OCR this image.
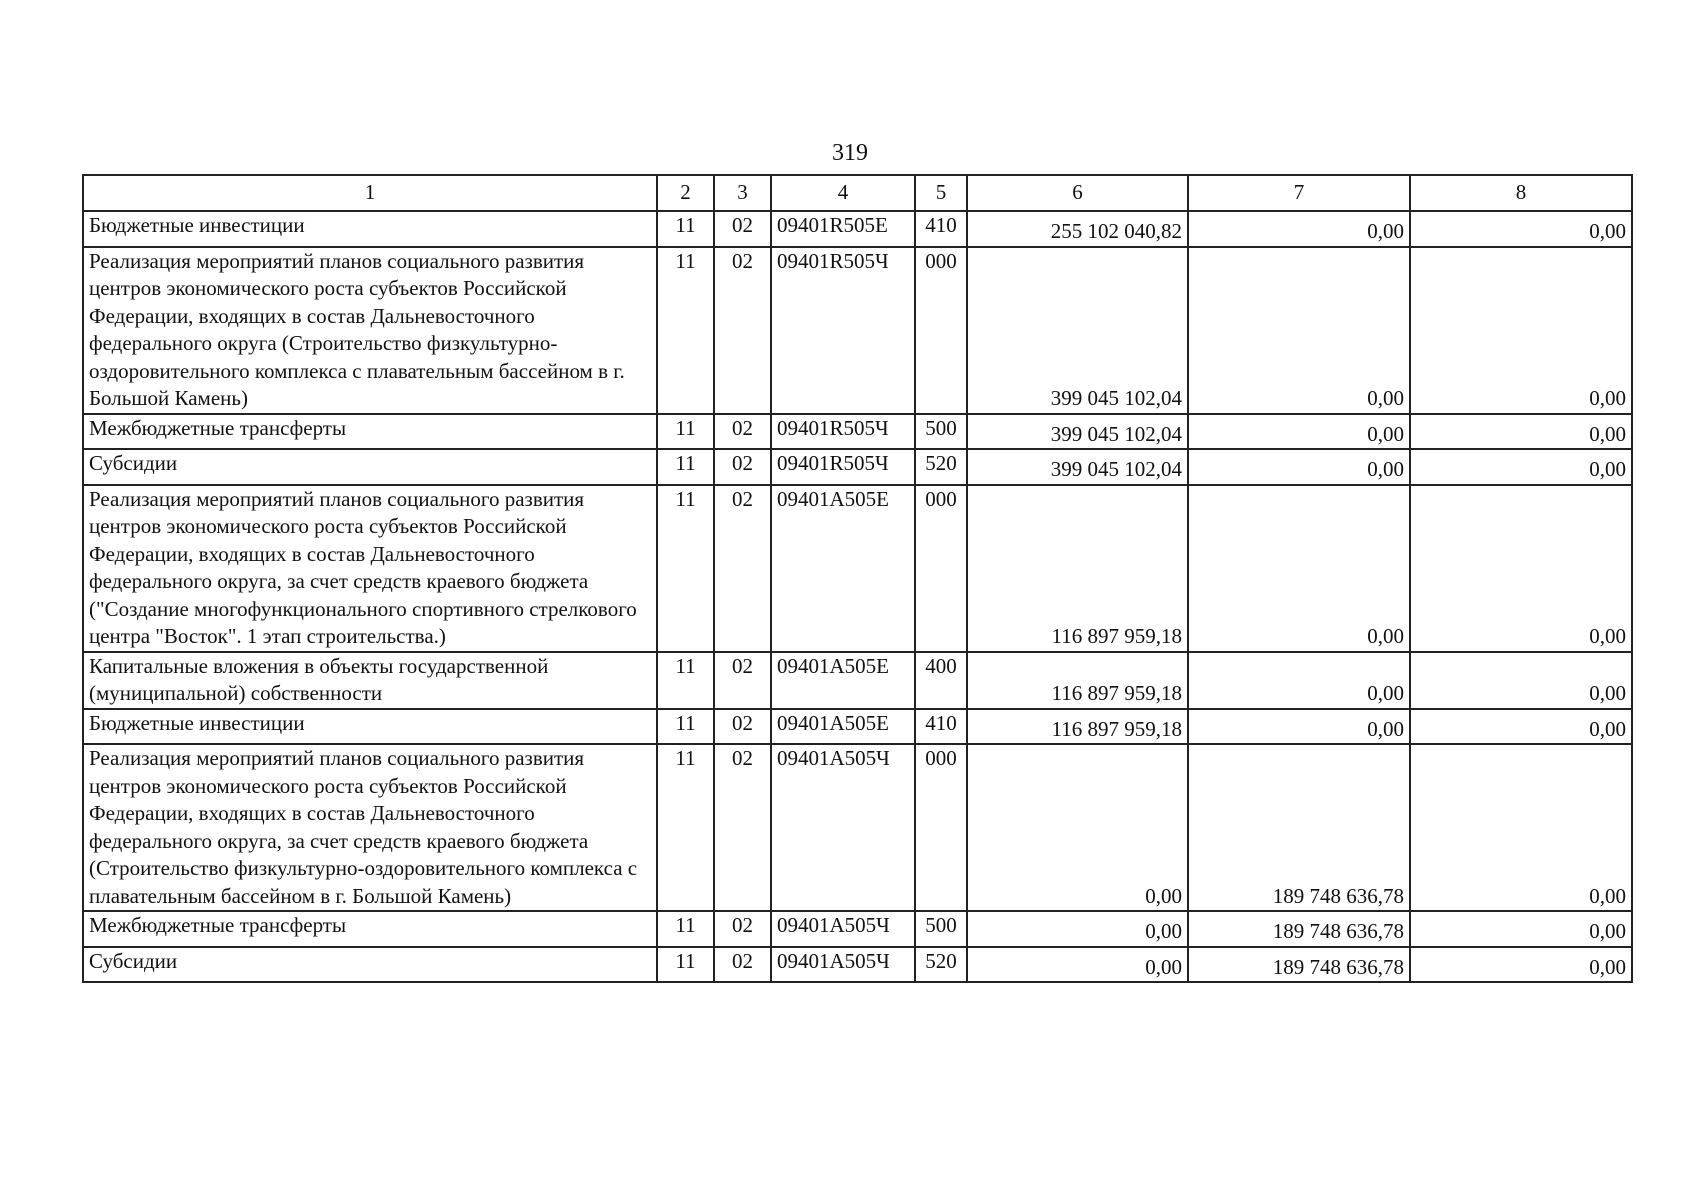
319
1	2	3	4	5	6	7	8
Бюджетные инвестиции	11	02	09401R505E	410	255 102 040,82	0,00	0,00
Реализация мероприятий планов социального развития центров экономического роста субъектов Российской Федерации, входящих в состав Дальневосточного федерального округа (Строительство физкультурно-оздоровительного комплекса с плавательным бассейном в г. Большой Камень)	11	02	09401R505Ч	000	399 045 102,04	0,00	0,00
Межбюджетные трансферты	11	02	09401R505Ч	500	399 045 102,04	0,00	0,00
Субсидии	11	02	09401R505Ч	520	399 045 102,04	0,00	0,00
Реализация мероприятий планов социального развития центров экономического роста субъектов Российской Федерации, входящих в состав Дальневосточного федерального округа, за счет средств краевого бюджета ("Создание многофункционального спортивного стрелкового центра "Восток". 1 этап строительства.)	11	02	09401A505E	000	116 897 959,18	0,00	0,00
Капитальные вложения в объекты государственной (муниципальной) собственности	11	02	09401A505E	400	116 897 959,18	0,00	0,00
Бюджетные инвестиции	11	02	09401A505E	410	116 897 959,18	0,00	0,00
Реализация мероприятий планов социального развития центров экономического роста субъектов Российской Федерации, входящих в состав Дальневосточного федерального округа, за счет средств краевого бюджета (Строительство физкультурно-оздоровительного комплекса с плавательным бассейном в г. Большой Камень)	11	02	09401A505Ч	000	0,00	189 748 636,78	0,00
Межбюджетные трансферты	11	02	09401A505Ч	500	0,00	189 748 636,78	0,00
Субсидии	11	02	09401A505Ч	520	0,00	189 748 636,78	0,00
